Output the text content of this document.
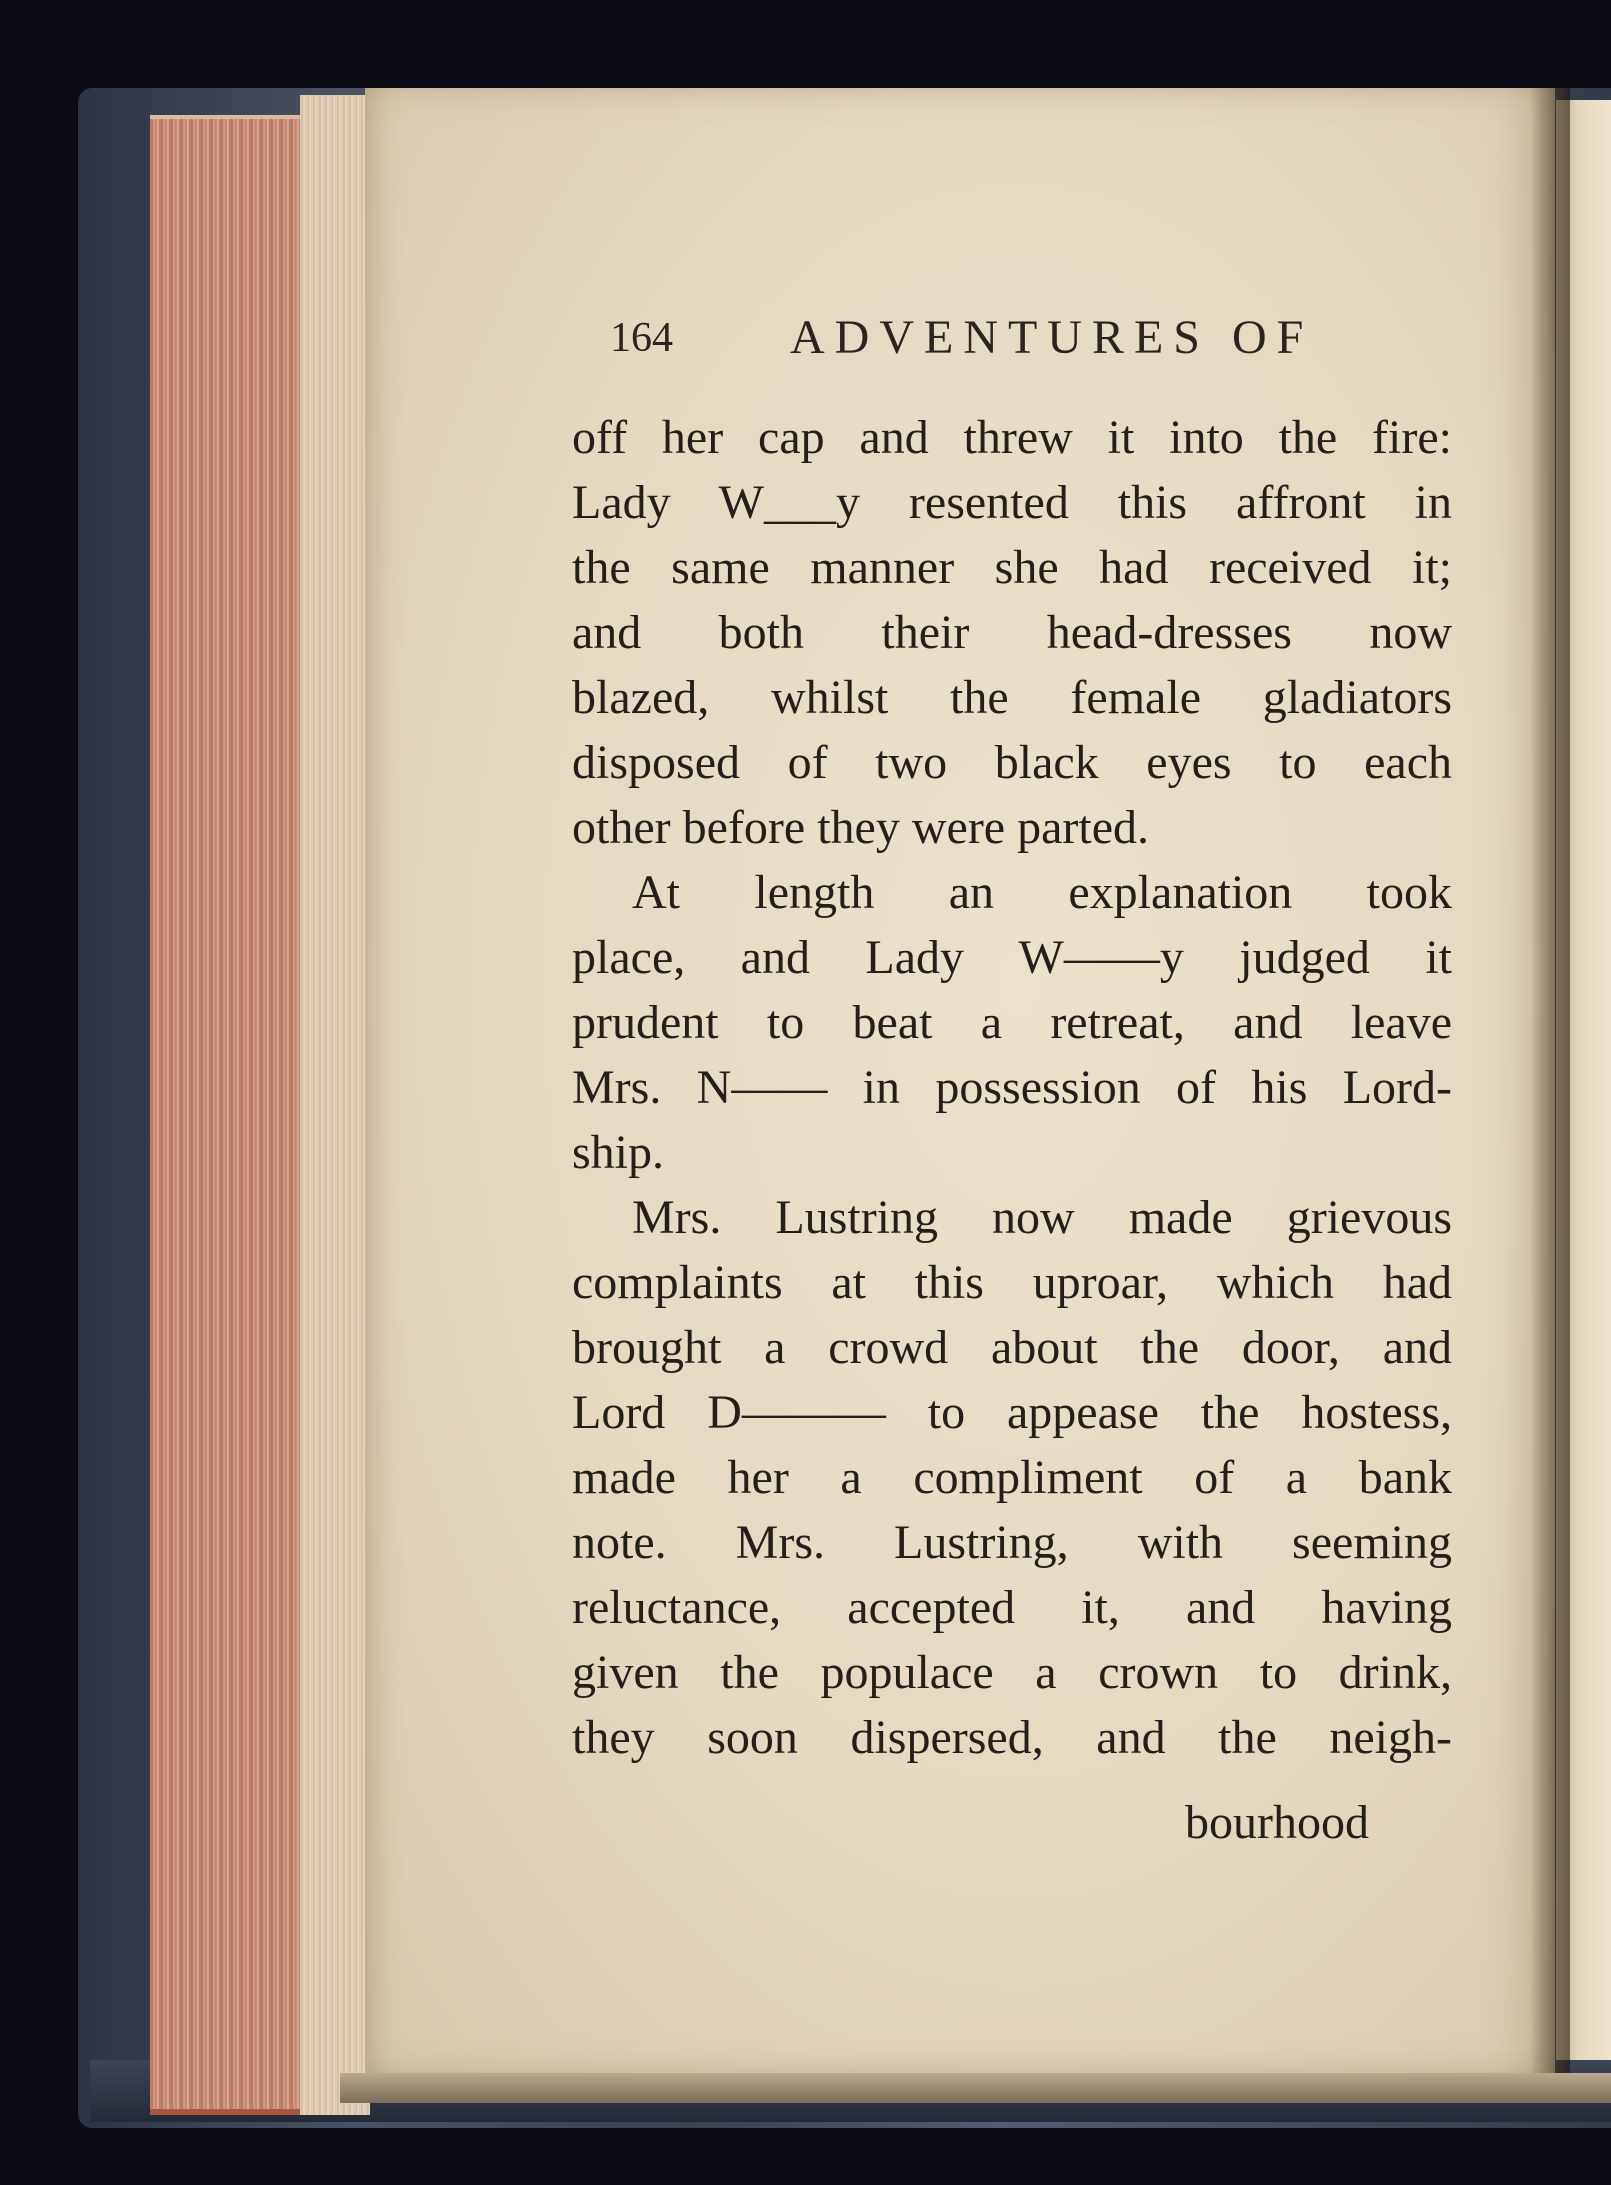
164 ADVENTURES OF
off her cap and threw it into the fire:
Lady W___y resented this affront in
the same manner she had received it;
and both their head-dresses now
blazed, whilst the female gladiators
disposed of two black eyes to each
other before they were parted.
At length an explanation took
place, and Lady W——y judged it
prudent to beat a retreat, and leave
Mrs. N—— in possession of his Lord-
ship.
Mrs. Lustring now made grievous
complaints at this uproar, which had
brought a crowd about the door, and
Lord D——— to appease the hostess,
made her a compliment of a bank
note. Mrs. Lustring, with seeming
reluctance, accepted it, and having
given the populace a crown to drink,
they soon dispersed, and the neigh-
bourhood
